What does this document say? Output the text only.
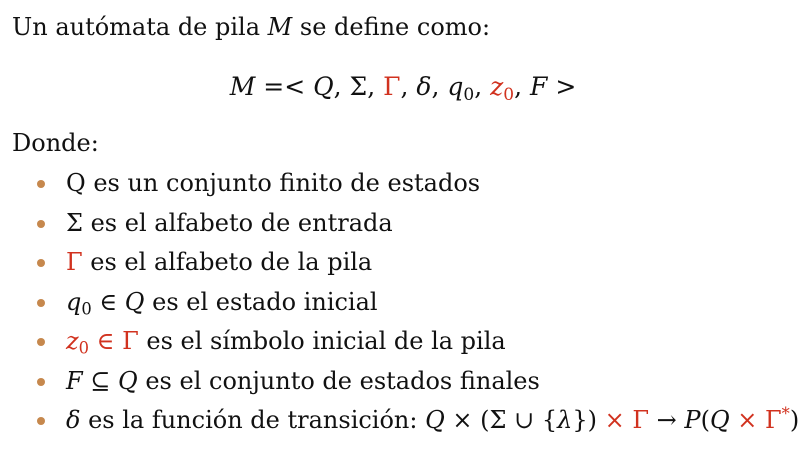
Un autómata de pila M se define como:
M =< Q, Σ, Γ, δ, $q_0$, $z_0$, F >
Donde:
Q es un conjunto finito de estados
Σ es el alfabeto de entrada
Γ es el alfabeto de la pila
$q_0$ ∈ Q es el estado inicial
$z_0$ ∈ Γ es el símbolo inicial de la pila
F ⊆ Q es el conjunto de estados finales
δ es la función de transición: Q × (Σ ∪ {λ}) × Γ → P(Q × Γ*)
